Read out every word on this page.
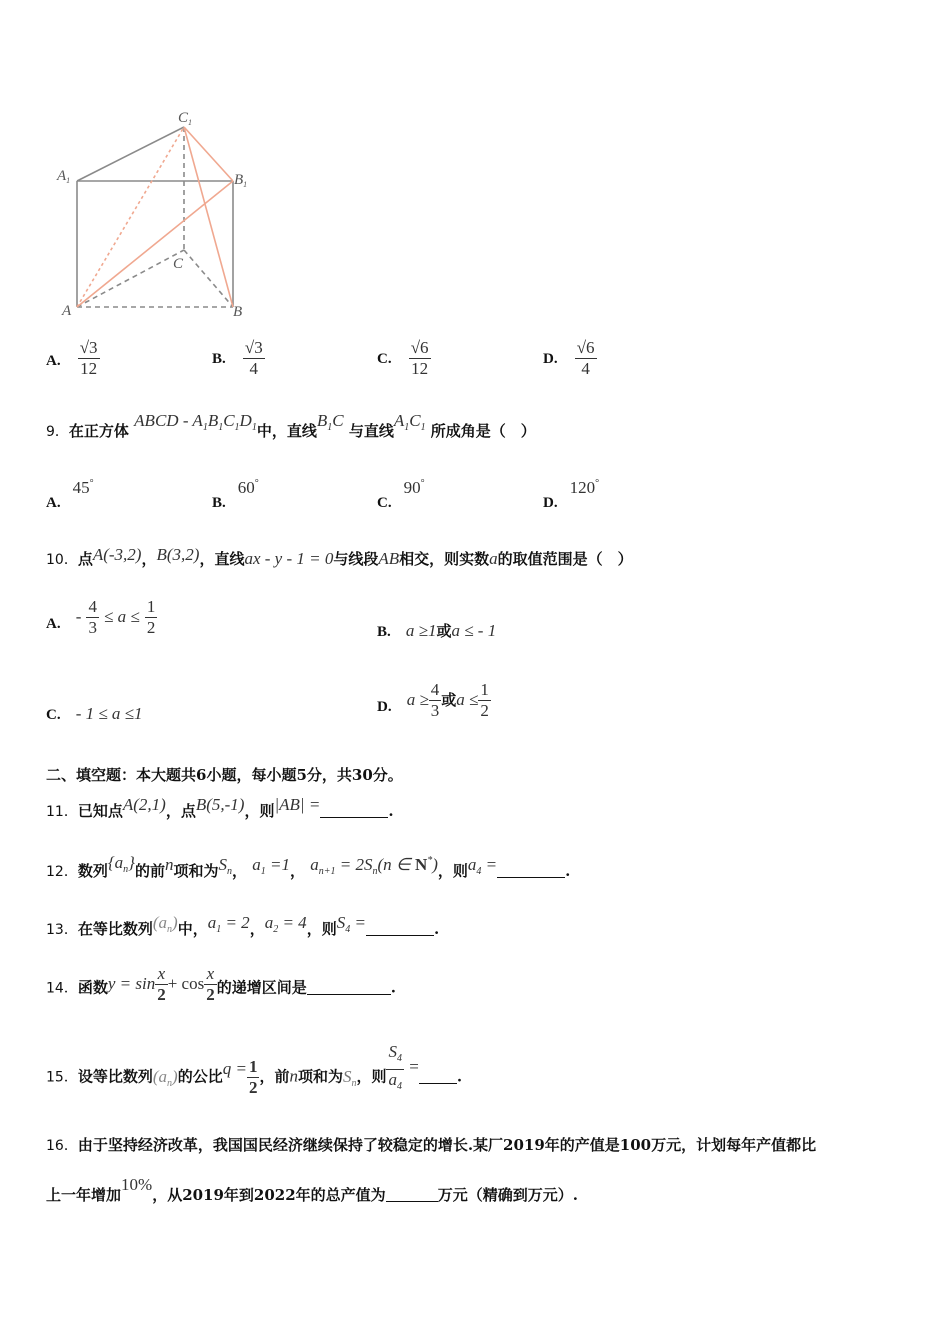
$C_1$
$A_1$	$B_1$
C
A	B
A. $\frac{√3}{12}$	B. $\frac{√3}{4}$	C. $\frac{√6}{12}$	D. $\frac{√6}{4}$
9．在正方体 ABCD - $A_1B_1C_1D_1$中，直线$B_1C$ 与直线$A_1C_1$ 所成角是（　）
A.45°
B.60°
C.90°
D.120°
10．点A(-3,2)，B(3,2)，直线ax - y - 1 = 0与线段AB相交，则实数a的取值范围是（　）
A. - $\frac{4}{3} \le a \le \frac{1}{2}$	B. a ≥1或a ≤ - 1
C. - 1 ≤ a ≤1	D. $a \ge \frac{4}{3}$ 或$a \le \frac{1}{2}$
二、填空题：本大题共6小题，每小题5分，共30分。
11．已知点A(2,1)，点B(5,-1)，则|AB| =	.
12．数列$\{a_n\}$的前n项和为$S_n$， $a_1 =1$， $a_{n+1} = 2S_n(n$ ∈ N*)，则$a_4$ =	.
13．在等比数列$(a_n)$中，$a_1 = 2$，$a_2 = 4$，则$S_4$ =	.
14．函数$y = \sin \frac{x}{2} + \cos \frac{x}{2}$ 的递增区间是	.
15．设等比数列$(a_n)$的公比$q = \frac{1}{2}$ ，前n项和为$S_n$，则 $\frac{S_4}{a_4}$ =.
16．由于坚持经济改革，我国国民经济继续保持了较稳定的增长.某厂2019年的产值是100万元，计划每年产值都比
上一年增加10%，从2019年到2022年的总产值为	万元（精确到万元）.
